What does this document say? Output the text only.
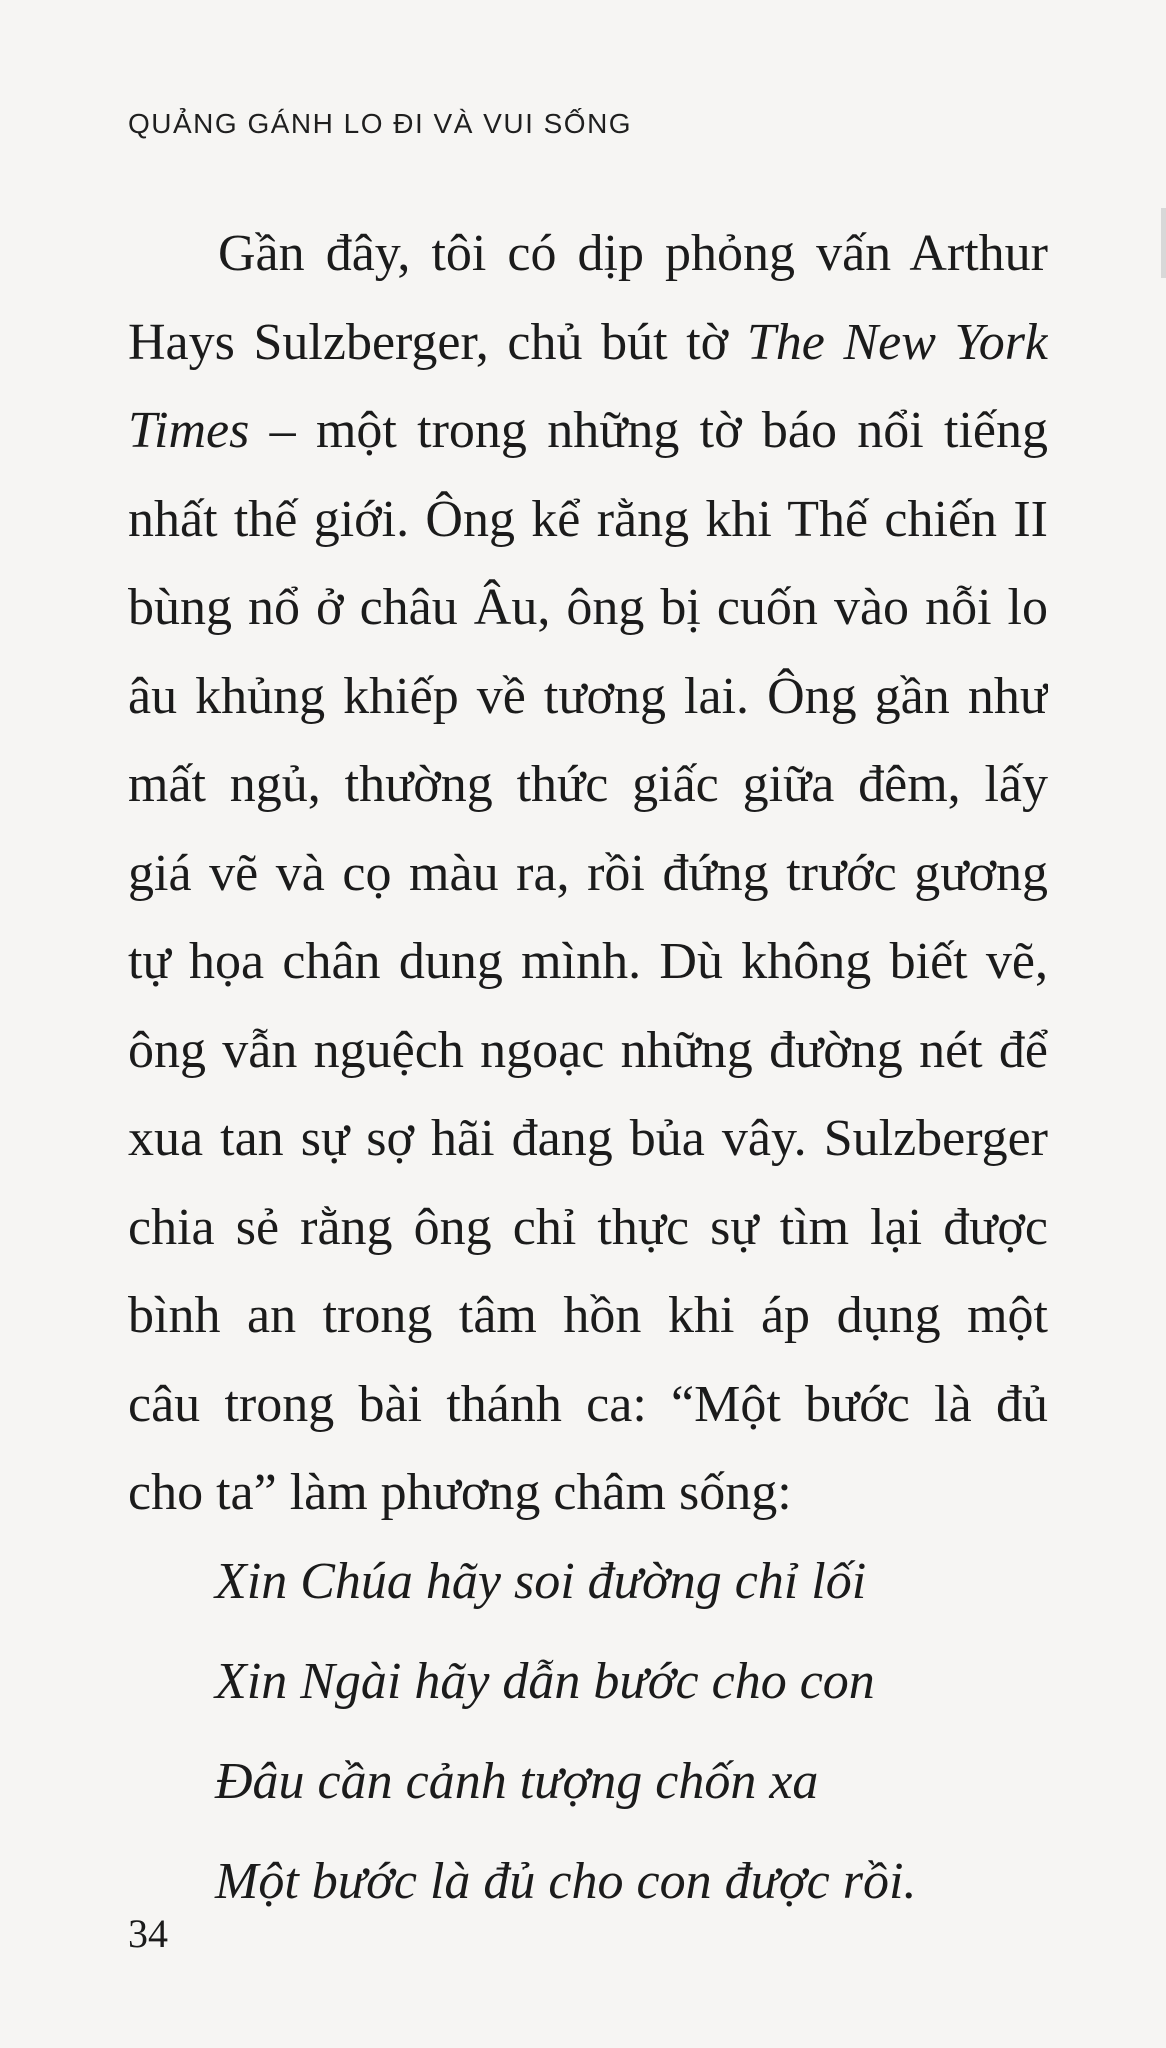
QUẢNG GÁNH LO ĐI VÀ VUI SỐNG
Gần đây, tôi có dịp phỏng vấn Arthur
Hays Sulzberger, chủ bút tờ The New York
Times – một trong những tờ báo nổi tiếng
nhất thế giới. Ông kể rằng khi Thế chiến II
bùng nổ ở châu Âu, ông bị cuốn vào nỗi lo
âu khủng khiếp về tương lai. Ông gần như
mất ngủ, thường thức giấc giữa đêm, lấy
giá vẽ và cọ màu ra, rồi đứng trước gương
tự họa chân dung mình. Dù không biết vẽ,
ông vẫn nguệch ngoạc những đường nét để
xua tan sự sợ hãi đang bủa vây. Sulzberger
chia sẻ rằng ông chỉ thực sự tìm lại được
bình an trong tâm hồn khi áp dụng một
câu trong bài thánh ca: “Một bước là đủ
cho ta” làm phương châm sống:
Xin Chúa hãy soi đường chỉ lối
Xin Ngài hãy dẫn bước cho con
Đâu cần cảnh tượng chốn xa
Một bước là đủ cho con được rồi.
34
